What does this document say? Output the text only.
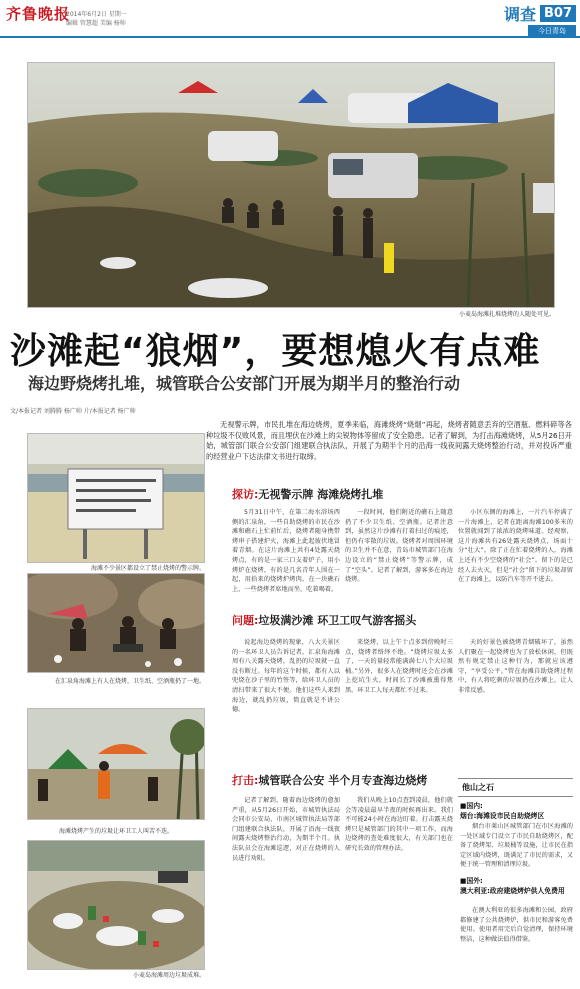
齐鲁晚报
2014年6月2日 星期一
编辑 管慧超 美编 杨帅	调查 B07
今日青岛
小麦岛海滩扎堆烧烤的人随处可见。
沙滩起“狼烟”，要想熄火有点难
海边野烧烤扎堆，城管联合公安部门开展为期半月的整治行动
文/本报记者 刘腾腾 杨广帅 片/本报记者 杨广帅
海滩不少景区都设立了禁止烧烤的警示牌。
在汇泉角海滩上有人在烧烤，卫生纸、空酒瓶扔了一地。
海滩烧烤产生的垃圾让环卫工人叫苦不迭。
小麦岛海滩周边垃圾成堆。
无视警示牌，市民扎堆在海边烧烤，夏季来临，海滩烧烤“烧烟”再起，烧烤者随意丢弃的空酒瓶、燃料碎等各种垃圾不仅败风景，而且埋伏在沙滩上的尖锐物体等留成了安全隐患。记者了解到，为打击海滩烧烤，从5月26日开始，城管部门联合公安部门组建联合执法队，开展了为期半个月的沿海一线夜间露天烧烤整治行动，并对投诉严重的经营业户下达法律文书进行取缔。
探访:无视警示牌 海滩烧烤扎堆
5月31日中午，在第二海水浴场西侧的汇泉角，一些自助烧烤的市民在沙滩和礁石上忙前忙后，烧烤者随身携带烤串子搭建炉火，海滩上此起彼伏地冒着青烟。在这片海滩上共有4处露天烧烤点，有的是一家三口支着炉子，用小烤炉在烧烤，有的是几名青年人围在一起，用拾来的烧烤炉烤肉。在一块礁石上，一些烧烤者席地而坐，吃着喝着。
一段时间，他们附近的礁石上随意扔了不少卫生纸、空酒瓶。记者注意到，虽然这片沙滩有打着扫过的痕迹，但仍有零散的垃圾。烧烤者对周围环境的卫生并不在意，青岛市城管部门在海边设立的“禁止烧烤”等警示牌，成了“空头”。记者了解到，游客多在海边烧烤。
小区东侧的海滩上，一片汽车停满了一片海滩上，记者在距离海滩100多米的位置就闻到了浓浓的烧烤味道。经观察，这片海滩共有26处露天烧烤点，场面十分“壮大”。除了正在忙着烧烤的人，海滩上还有不少空烧烤的“社会”。留下的是已经人去火灭，但是“社会”留下的垃圾却留在了海滩上，以防汽车等开不进去。
问题:垃圾满沙滩 环卫工叹气游客摇头
说起海边烧烤的现象，八大关景区的一名环卫人员告诉记者，汇泉角海滩周有八关露天烧烤，乱扔的垃圾就一直没有断过。每年的这个时候，都有人以兜烧在沙子里的竹签等，给环卫人员的清扫带来了很大不便。他们这些人来到海边，就乱扔垃圾，简直就是不讲公德。
来烧烤，以上午十点多到傍晚时三点，烧烤者络绎不绝。“烧烤垃圾太多了，一天的量轻常能满满七八个大垃圾桶。”另外，很多人在烧烤时还会在沙滩上挖坑生火，时间长了沙滩被熏得焦黑。环卫工人每天都忙不过来。
天的好景色被烧烤青烟破坏了，虽然人们聚在一起烧烤也为了放松休闲，但既然有规定禁止这种行为，那就应该遵守，“享受公平。”管在海滩自助烧烤过程中，有人将吃剩的垃圾扔在沙滩上，让人非常反感。
打击:城管联合公安 半个月专查海边烧烤
记者了解到，随着海边烧烤的愈加严重，从5月26日开始，市城管执法局会同市公安局、市南区城管执法局等部门组建联合执法队，开展了沿海一线夜间露天烧烤整治行动，为期半个月。执法队员会在海滩巡逻，对正在烧烤的人员进行劝阻。
我们从晚上10点查到凌晨，他们就会等凌晨最早半夜的时候再出来。我们不可能24小时在海边盯着。打击露天烧烤只是城管部门的其中一项工作，而海边烧烤的查处难度很大，有关部门也在研究长效的管理办法。
他山之石
■国内:
烟台:海滩设市民自助烧烤区
烟台市莱山区城管部门在市区海滩的一处区域专门设立了市民自助烧烤区，配备了烧烤架、垃圾桶等设施，让市民在指定区域内烧烤，既满足了市民的需求，又便于统一管理和清理垃圾。
■国外:
澳大利亚:政府建烧烤炉供人免费用
在澳大利亚的很多海滩和公园，政府都修建了公共烧烤炉，供市民和游客免费使用。使用者用完后自觉清理，保持环境整洁，这种做法值得借鉴。
